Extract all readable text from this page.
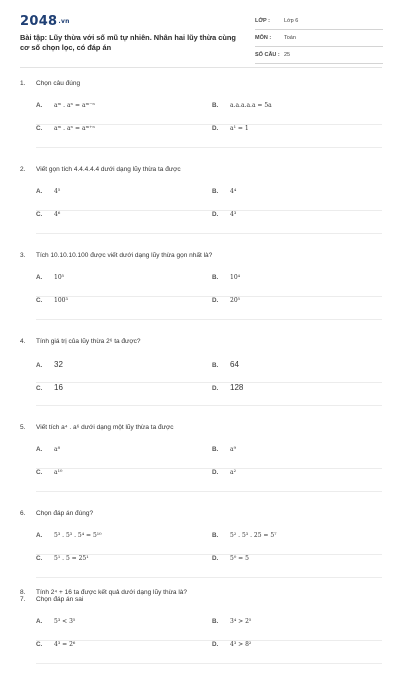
2048.vn
Bài tập: Lũy thừa với số mũ tự nhiên. Nhân hai lũy thừa cùng cơ số chọn lọc, có đáp án
LỚP :	Lớp 6
MÔN : Toán
SỐ CÂU : 25
1. Chọn câu đúng
A.	aᵐ . aⁿ = aᵐ⁻ⁿ	B.	a.a.a.a.a = 5a
C.	aᵐ . aⁿ = aᵐ⁺ⁿ	D.	a¹ = 1
2. Viết gọn tích 4.4.4.4.4 dưới dạng lũy thừa ta được
A.	4⁵	B.	4⁴
C.	4⁶	D.	4³
3. Tích 10.10.10.100 được viết dưới dạng lũy thừa gọn nhất là?
A.	10⁵	B.	10⁴
C.	100³	D.	20⁵
4. Tính giá trị của lũy thừa 2⁶ ta được?
A.	32	B.	64
C.	16	D.	128
5. Viết tích a⁴ . a⁶ dưới dạng một lũy thừa ta được
A.	a⁸	B.	a⁹
C.	a¹⁰	D.	a²
6. Chọn đáp án đúng?
A.	5³ . 5³ . 5⁴ = 5¹⁰	B.	5² . 5³ . 25 = 5⁷
C.	5¹ . 5 = 25¹	D.	5⁰ = 5
7. Chọn đáp án sai
A.	5³ < 3⁵	B.	3⁴ > 2⁵
C.	4³ = 2⁶	D.	4³ > 8²
8. Tính 2⁴ + 16 ta được kết quả dưới dạng lũy thừa là?
